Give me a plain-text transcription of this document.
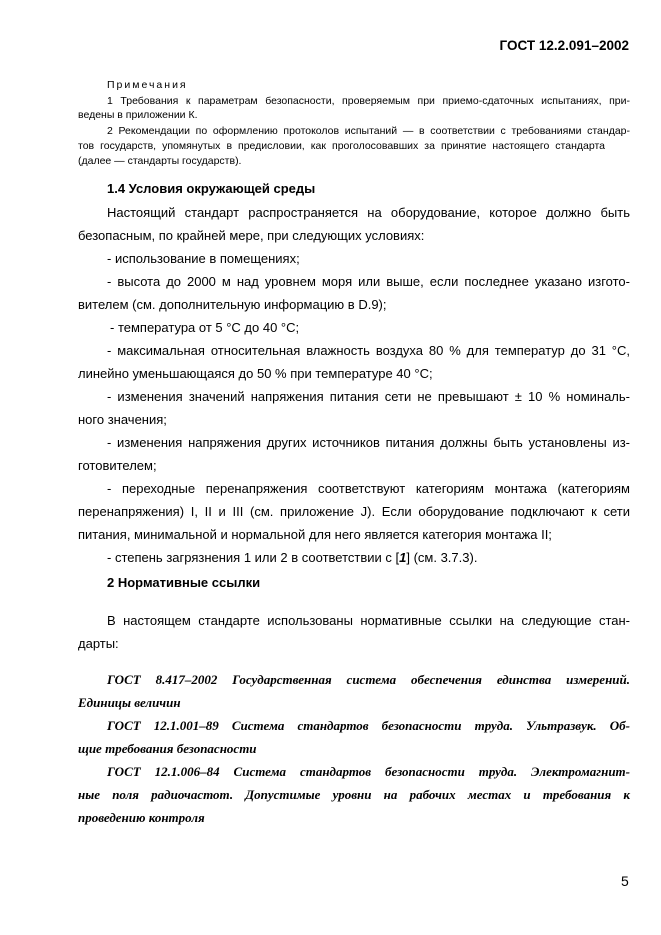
ГОСТ 12.2.091–2002
Примечания
1 Требования к параметрам безопасности, проверяемым при приемо-сдаточных испытаниях, при-
ведены в приложении К.
2 Рекомендации по оформлению протоколов испытаний — в соответствии с требованиями стандар-
тов государств, упомянутых в предисловии, как проголосовавших за принятие настоящего стандарта
(далее — стандарты государств).
1.4 Условия окружающей среды
Настоящий стандарт распространяется на оборудование, которое должно быть
безопасным, по крайней мере, при следующих условиях:
- использование в помещениях;
- высота до 2000 м над уровнем моря или выше, если последнее указано изгото-
вителем (см. дополнительную информацию в D.9);
- температура от 5 °С до 40 °С;
- максимальная относительная влажность воздуха 80 % для температур до 31 °С,
линейно уменьшающаяся до 50 % при температуре 40 °С;
- изменения значений напряжения питания сети не превышают ± 10 % номиналь-
ного значения;
- изменения напряжения других источников питания должны быть установлены из-
готовителем;
- переходные перенапряжения соответствуют категориям монтажа (категориям
перенапряжения) I, II и III (см. приложение J). Если оборудование подключают к сети
питания, минимальной и нормальной для него является категория монтажа II;
- степень загрязнения 1 или 2 в соответствии с [1] (см. 3.7.3).
2 Нормативные ссылки
В настоящем стандарте использованы нормативные ссылки на следующие стан-
дарты:
ГОСТ 8.417–2002 Государственная система обеспечения единства измерений.
Единицы величин
ГОСТ 12.1.001–89 Система стандартов безопасности труда. Ультразвук. Об-
щие требования безопасности
ГОСТ 12.1.006–84 Система стандартов безопасности труда. Электромагнит-
ные поля радиочастот. Допустимые уровни на рабочих местах и требования к
проведению контроля
5
